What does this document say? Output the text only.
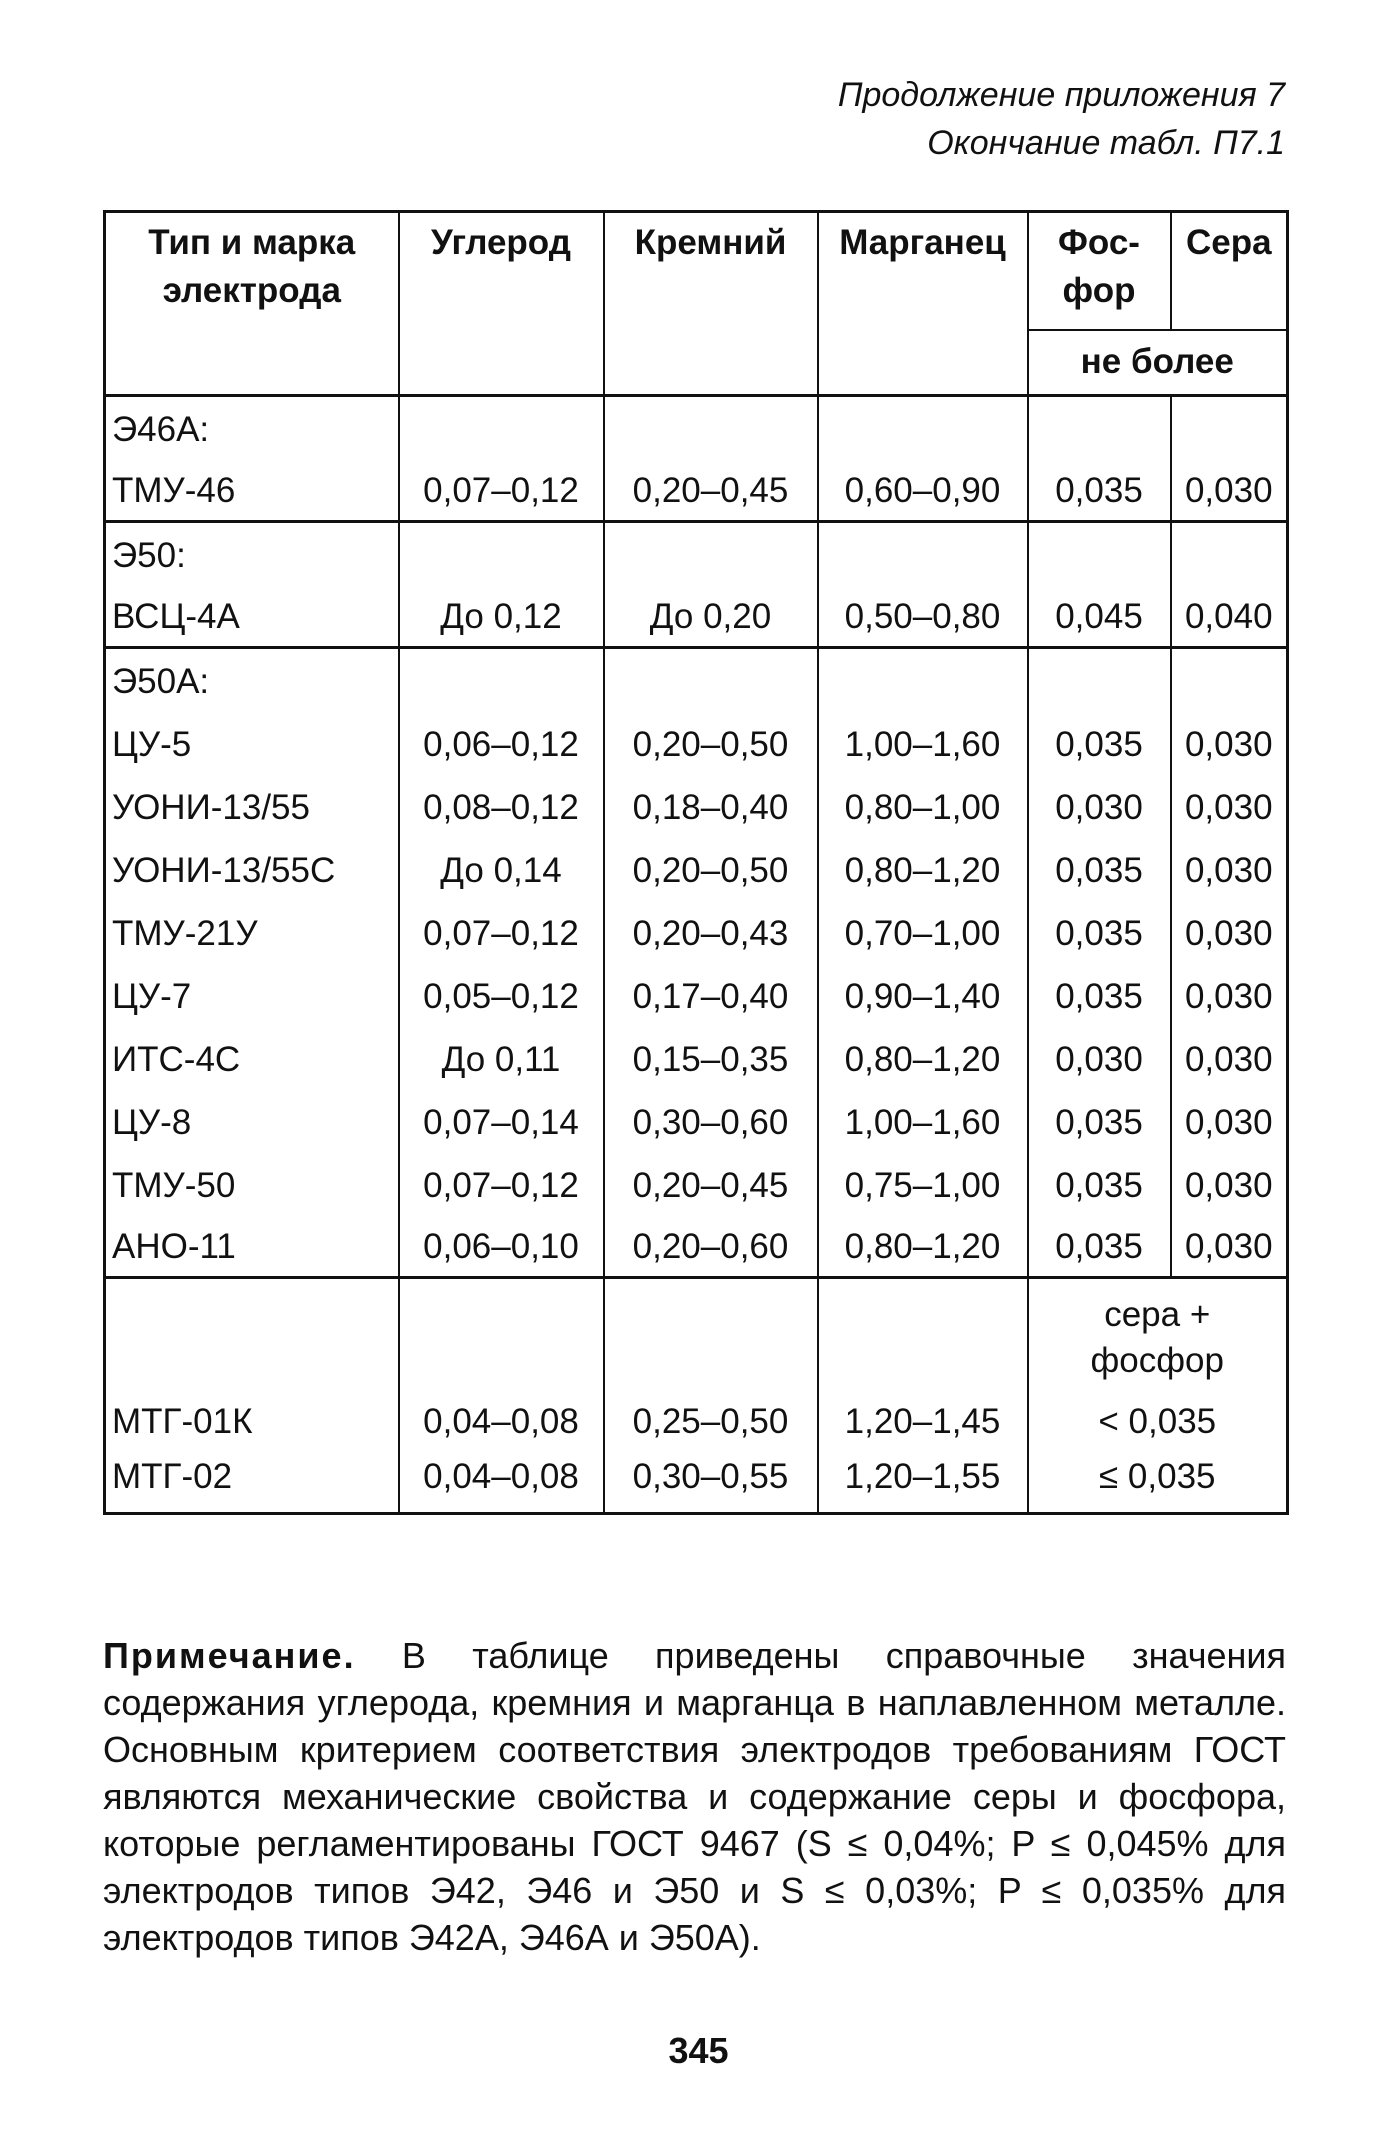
Продолжение приложения 7
Окончание табл. П7.1
Тип и марка электрода	Углерод	Кремний	Марганец	Фос-фор	Сера
				не более	
Э46А:					
ТМУ-46	0,07–0,12	0,20–0,45	0,60–0,90	0,035	0,030
Э50:					
ВСЦ-4А	До 0,12	До 0,20	0,50–0,80	0,045	0,040
Э50А:					
ЦУ-5	0,06–0,12	0,20–0,50	1,00–1,60	0,035	0,030
УОНИ-13/55	0,08–0,12	0,18–0,40	0,80–1,00	0,030	0,030
УОНИ-13/55С	До 0,14	0,20–0,50	0,80–1,20	0,035	0,030
ТМУ-21У	0,07–0,12	0,20–0,43	0,70–1,00	0,035	0,030
ЦУ-7	0,05–0,12	0,17–0,40	0,90–1,40	0,035	0,030
ИТС-4С	До 0,11	0,15–0,35	0,80–1,20	0,030	0,030
ЦУ-8	0,07–0,14	0,30–0,60	1,00–1,60	0,035	0,030
ТМУ-50	0,07–0,12	0,20–0,45	0,75–1,00	0,035	0,030
АНО-11	0,06–0,10	0,20–0,60	0,80–1,20	0,035	0,030
				сера + фосфор	
МТГ-01К	0,04–0,08	0,25–0,50	1,20–1,45	< 0,035	
МТГ-02	0,04–0,08	0,30–0,55	1,20–1,55	≤ 0,035	
Примечание. В таблице приведены справочные значения содержания углерода, кремния и марганца в наплавленном металле. Основным критерием соответствия электродов требованиям ГОСТ являются механические свойства и содержание серы и фосфора, которые регламентированы ГОСТ 9467 (S ≤ 0,04%; P ≤ 0,045% для электродов типов Э42, Э46 и Э50 и S ≤ 0,03%; P ≤ 0,035% для электродов типов Э42А, Э46А и Э50А).
345
